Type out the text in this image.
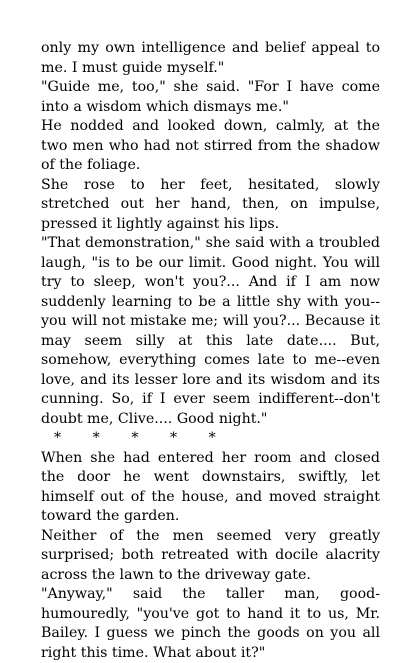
only my own intelligence and belief appeal to me. I must guide myself."

"Guide me, too," she said. "For I have come into a wisdom which dismays me."

He nodded and looked down, calmly, at the two men who had not stirred from the shadow of the foliage.

She rose to her feet, hesitated, slowly stretched out her hand, then, on impulse, pressed it lightly against his lips.

"That demonstration," she said with a troubled laugh, "is to be our limit. Good night. You will try to sleep, won't you?... And if I am now suddenly learning to be a little shy with you--you will not mistake me; will you?... Because it may seem silly at this late date.... But, somehow, everything comes late to me--even love, and its lesser lore and its wisdom and its cunning. So, if I ever seem indifferent--don't doubt me, Clive.... Good night."

*       *       *       *       *

When she had entered her room and closed the door he went downstairs, swiftly, let himself out of the house, and moved straight toward the garden.

Neither of the men seemed very greatly surprised; both retreated with docile alacrity across the lawn to the driveway gate.

"Anyway," said the taller man, good-humouredly, "you've got to hand it to us, Mr. Bailey. I guess we pinch the goods on you all right this time. What about it?"
